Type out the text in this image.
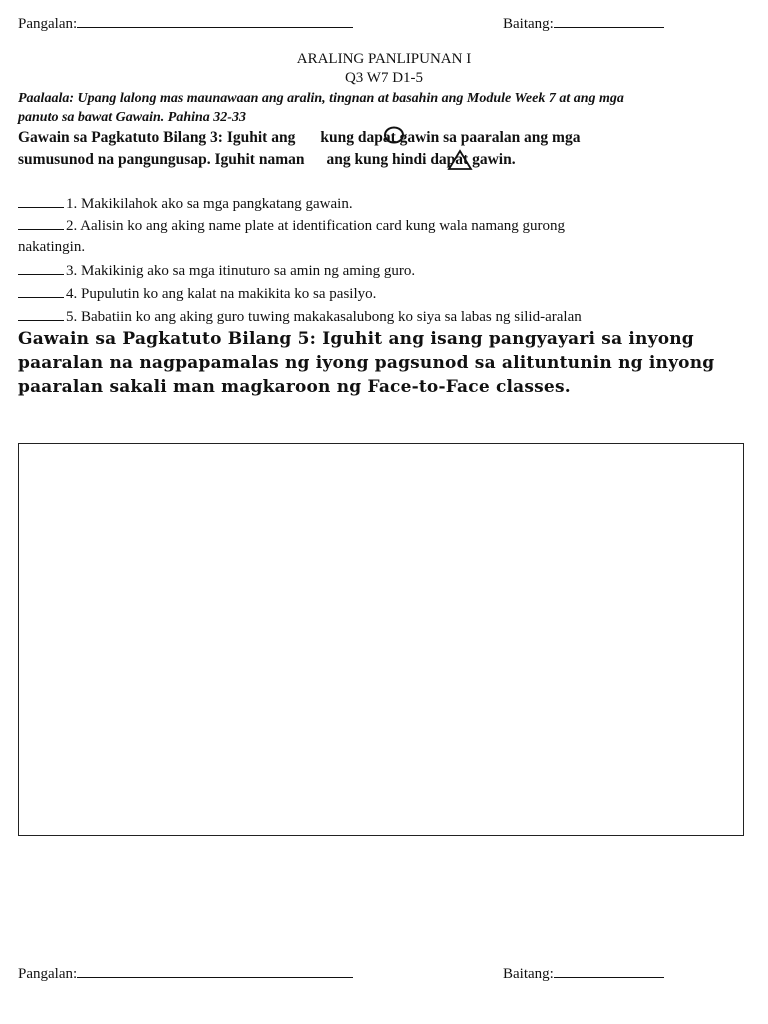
Pangalan:	Baitang:
ARALING PANLIPUNAN I
Q3 W7 D1-5
Paalaala: Upang lalong mas maunawaan ang aralin, tingnan at basahin ang Module Week 7 at ang mga
panuto sa bawat Gawain. Pahina 32-33
Gawain sa Pagkatuto Bilang 3: Iguhit ang kung dapat gawin sa paaralan ang mga
sumusunod na pangungusap. Iguhit naman ang kung hindi dapat gawin.
1. Makikilahok ako sa mga pangkatang gawain.
2. Aalisin ko ang aking name plate at identification card kung wala namang gurong
nakatingin.
3. Makikinig ako sa mga itinuturo sa amin ng aming guro.
4. Pupulutin ko ang kalat na makikita ko sa pasilyo.
5. Babatiin ko ang aking guro tuwing makakasalubong ko siya sa labas ng silid-aralan
Gawain sa Pagkatuto Bilang 5: Iguhit ang isang pangyayari sa inyong paaralan na nagpapamalas ng iyong pagsunod sa alituntunin ng inyong paaralan sakali man magkaroon ng Face-to-Face classes.
Pangalan:	Baitang:
